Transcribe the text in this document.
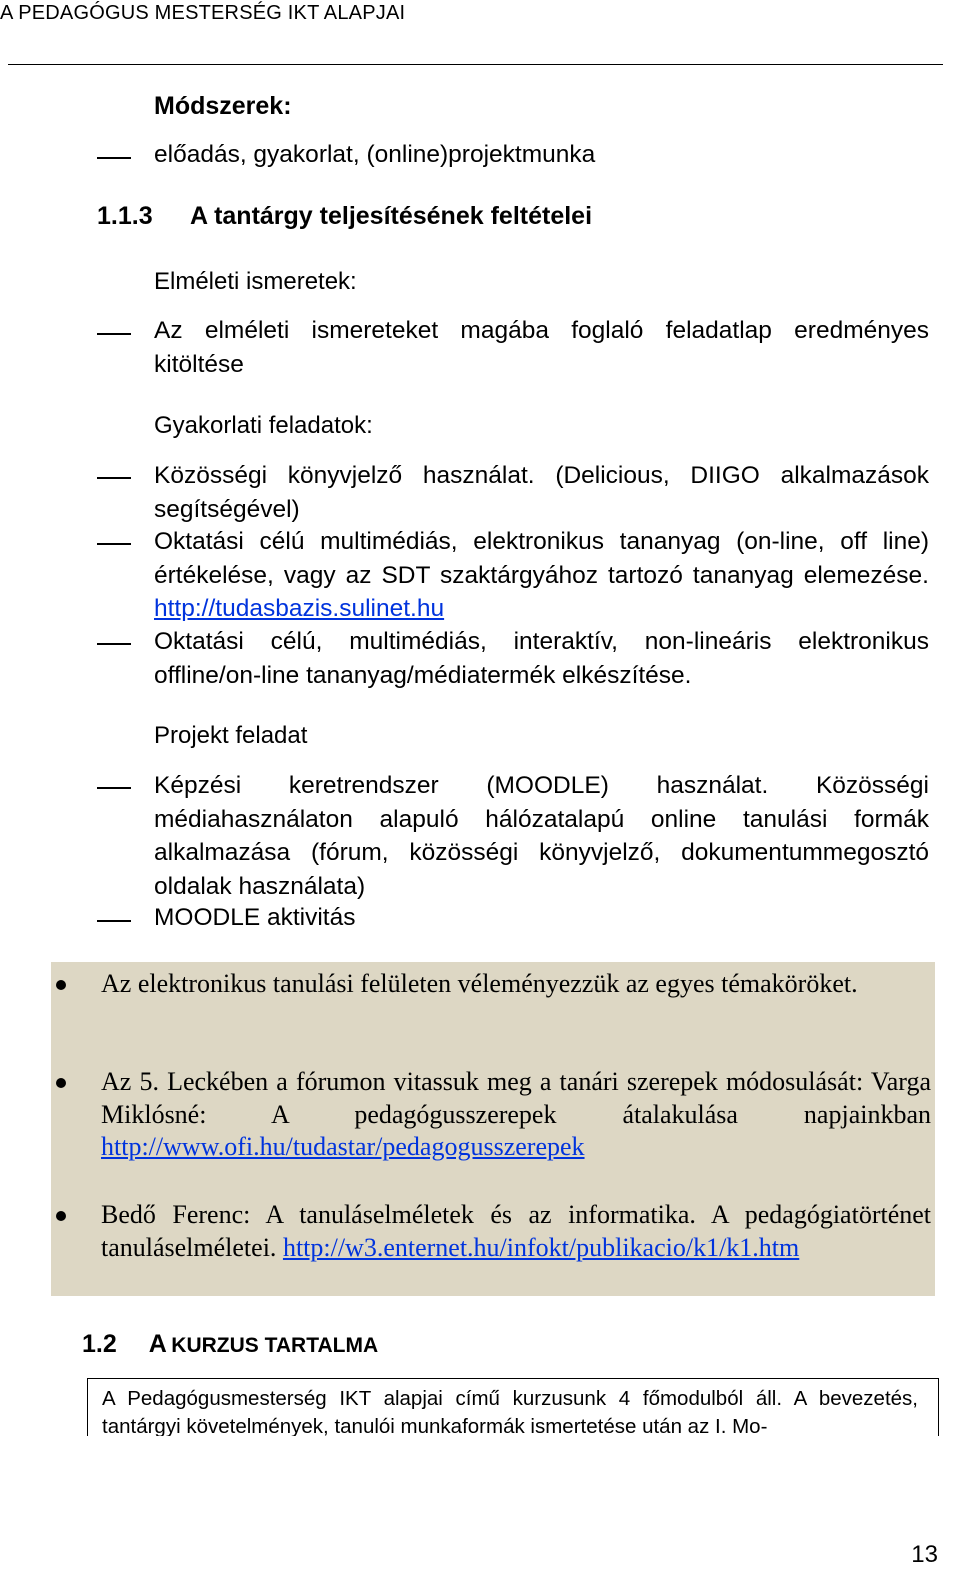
A PEDAGÓGUS MESTERSÉG IKT ALAPJAI
Módszerek:
előadás, gyakorlat, (online)projektmunka
1.1.3 A tantárgy teljesítésének feltételei
Elméleti ismeretek:
Az elméleti ismereteket magába foglaló feladatlap eredményes kitöltése
Gyakorlati feladatok:
Közösségi könyvjelző használat. (Delicious, DIIGO alkalmazások segítségével)
Oktatási célú multimédiás, elektronikus tananyag (on-line, off line) értékelése, vagy az SDT szaktárgyához tartozó tananyag elemezése. http://tudasbazis.sulinet.hu
Oktatási célú, multimédiás, interaktív, non-lineáris elektronikus offline/on-line tananyag/médiatermék elkészítése.
Projekt feladat
Képzési keretrendszer (MOODLE) használat. Közösségi médiahasználaton alapuló hálózatalapú online tanulási formák alkalmazása (fórum, közösségi könyvjelző, dokumentummegosztó oldalak használata)
MOODLE aktivitás
Az elektronikus tanulási felületen véleményezzük az egyes témaköröket.
Az 5. Leckében a fórumon vitassuk meg a tanári szerepek módosulását: Varga Miklósné: A pedagógusszerepek átalakulása napjainkban http://www.ofi.hu/tudastar/pedagogusszerepek
Bedő Ferenc: A tanuláselméletek és az informatika. A pedagógiatörténet tanuláselméletei. http://w3.enternet.hu/infokt/publikacio/k1/k1.htm
1.2 A KURZUS TARTALMA
A Pedagógusmesterség IKT alapjai című kurzusunk 4 főmodulból áll. A bevezetés, tantárgyi követelmények, tanulói munkaformák ismertetése után az I. Mo-
13
